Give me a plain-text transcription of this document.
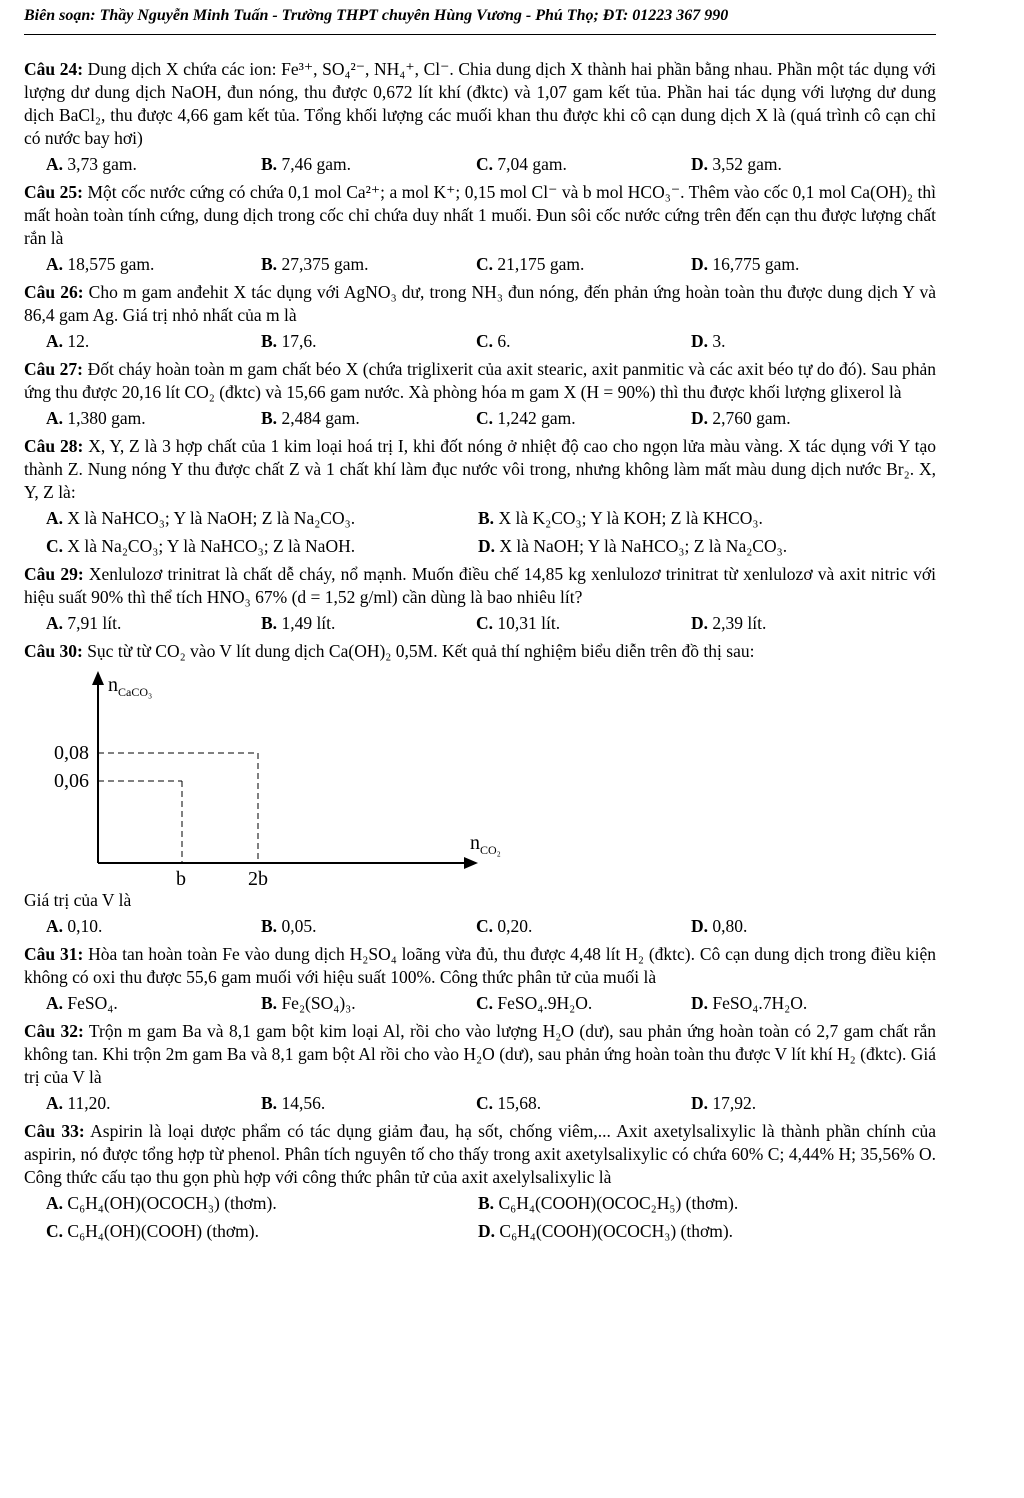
Biên soạn: Thầy Nguyễn Minh Tuấn - Trường THPT chuyên Hùng Vương - Phú Thọ; ĐT: 01223 367 990

Câu 24: Dung dịch X chứa các ion: Fe³⁺, SO₄²⁻, NH₄⁺, Cl⁻. Chia dung dịch X thành hai phần bằng nhau. Phần một tác dụng với lượng dư dung dịch NaOH, đun nóng, thu được 0,672 lít khí (đktc) và 1,07 gam kết tủa. Phần hai tác dụng với lượng dư dung dịch BaCl₂, thu được 4,66 gam kết tủa. Tổng khối lượng các muối khan thu được khi cô cạn dung dịch X là (quá trình cô cạn chỉ có nước bay hơi)

A. 3,73 gam.	B. 7,46 gam.	C. 7,04 gam.	D. 3,52 gam.

Câu 25: Một cốc nước cứng có chứa 0,1 mol Ca²⁺; a mol K⁺; 0,15 mol Cl⁻ và b mol HCO₃⁻. Thêm vào cốc 0,1 mol Ca(OH)₂ thì mất hoàn toàn tính cứng, dung dịch trong cốc chỉ chứa duy nhất 1 muối. Đun sôi cốc nước cứng trên đến cạn thu được lượng chất rắn là

A. 18,575 gam.	B. 27,375 gam.	C. 21,175 gam.	D. 16,775 gam.

Câu 26: Cho m gam anđehit X tác dụng với AgNO₃ dư, trong NH₃ đun nóng, đến phản ứng hoàn toàn thu được dung dịch Y và 86,4 gam Ag. Giá trị nhỏ nhất của m là

A. 12.	B. 17,6.	C. 6.	D. 3.

Câu 27: Đốt cháy hoàn toàn m gam chất béo X (chứa triglixerit của axit stearic, axit panmitic và các axit béo tự do đó). Sau phản ứng thu được 20,16 lít CO₂ (đktc) và 15,66 gam nước. Xà phòng hóa m gam X (H = 90%) thì thu được khối lượng glixerol là

A. 1,380 gam.	B. 2,484 gam.	C. 1,242 gam.	D. 2,760 gam.

Câu 28: X, Y, Z là 3 hợp chất của 1 kim loại hoá trị I, khi đốt nóng ở nhiệt độ cao cho ngọn lửa màu vàng. X tác dụng với Y tạo thành Z. Nung nóng Y thu được chất Z và 1 chất khí làm đục nước vôi trong, nhưng không làm mất màu dung dịch nước Br₂. X, Y, Z là:

A. X là NaHCO₃; Y là NaOH; Z là Na₂CO₃.	B. X là K₂CO₃; Y là KOH; Z là KHCO₃.
C. X là Na₂CO₃; Y là NaHCO₃; Z là NaOH.	D. X là NaOH; Y là NaHCO₃; Z là Na₂CO₃.

Câu 29: Xenlulozơ trinitrat là chất dễ cháy, nổ mạnh. Muốn điều chế 14,85 kg xenlulozơ trinitrat từ xenlulozơ và axit nitric với hiệu suất 90% thì thể tích HNO₃ 67% (d = 1,52 g/ml) cần dùng là bao nhiêu lít?

A. 7,91 lít.	B. 1,49 lít.	C. 10,31 lít.	D. 2,39 lít.

Câu 30: Sục từ từ CO₂ vào V lít dung dịch Ca(OH)₂ 0,5M. Kết quả thí nghiệm biểu diễn trên đồ thị sau:

$n_{CaCO_3}$
0,08
0,06
b	2b
$n_{CO_2}$

Giá trị của V là

A. 0,10.	B. 0,05.	C. 0,20.	D. 0,80.

Câu 31: Hòa tan hoàn toàn Fe vào dung dịch H₂SO₄ loãng vừa đủ, thu được 4,48 lít H₂ (đktc). Cô cạn dung dịch trong điều kiện không có oxi thu được 55,6 gam muối với hiệu suất 100%. Công thức phân tử của muối là

A. FeSO₄.	B. Fe₂(SO₄)₃.	C. FeSO₄.9H₂O.	D. FeSO₄.7H₂O.

Câu 32: Trộn m gam Ba và 8,1 gam bột kim loại Al, rồi cho vào lượng H₂O (dư), sau phản ứng hoàn toàn có 2,7 gam chất rắn không tan. Khi trộn 2m gam Ba và 8,1 gam bột Al rồi cho vào H₂O (dư), sau phản ứng hoàn toàn thu được V lít khí H₂ (đktc). Giá trị của V là

A. 11,20.	B. 14,56.	C. 15,68.	D. 17,92.

Câu 33: Aspirin là loại dược phẩm có tác dụng giảm đau, hạ sốt, chống viêm,... Axit axetylsalixylic là thành phần chính của aspirin, nó được tổng hợp từ phenol. Phân tích nguyên tố cho thấy trong axit axetylsalixylic có chứa 60% C; 4,44% H; 35,56% O. Công thức cấu tạo thu gọn phù hợp với công thức phân tử của axit axelylsalixylic là

A. C₆H₄(OH)(OCOCH₃) (thơm).	B. C₆H₄(COOH)(OCOC₂H₅) (thơm).
C. C₆H₄(OH)(COOH) (thơm).	D. C₆H₄(COOH)(OCOCH₃) (thơm).
